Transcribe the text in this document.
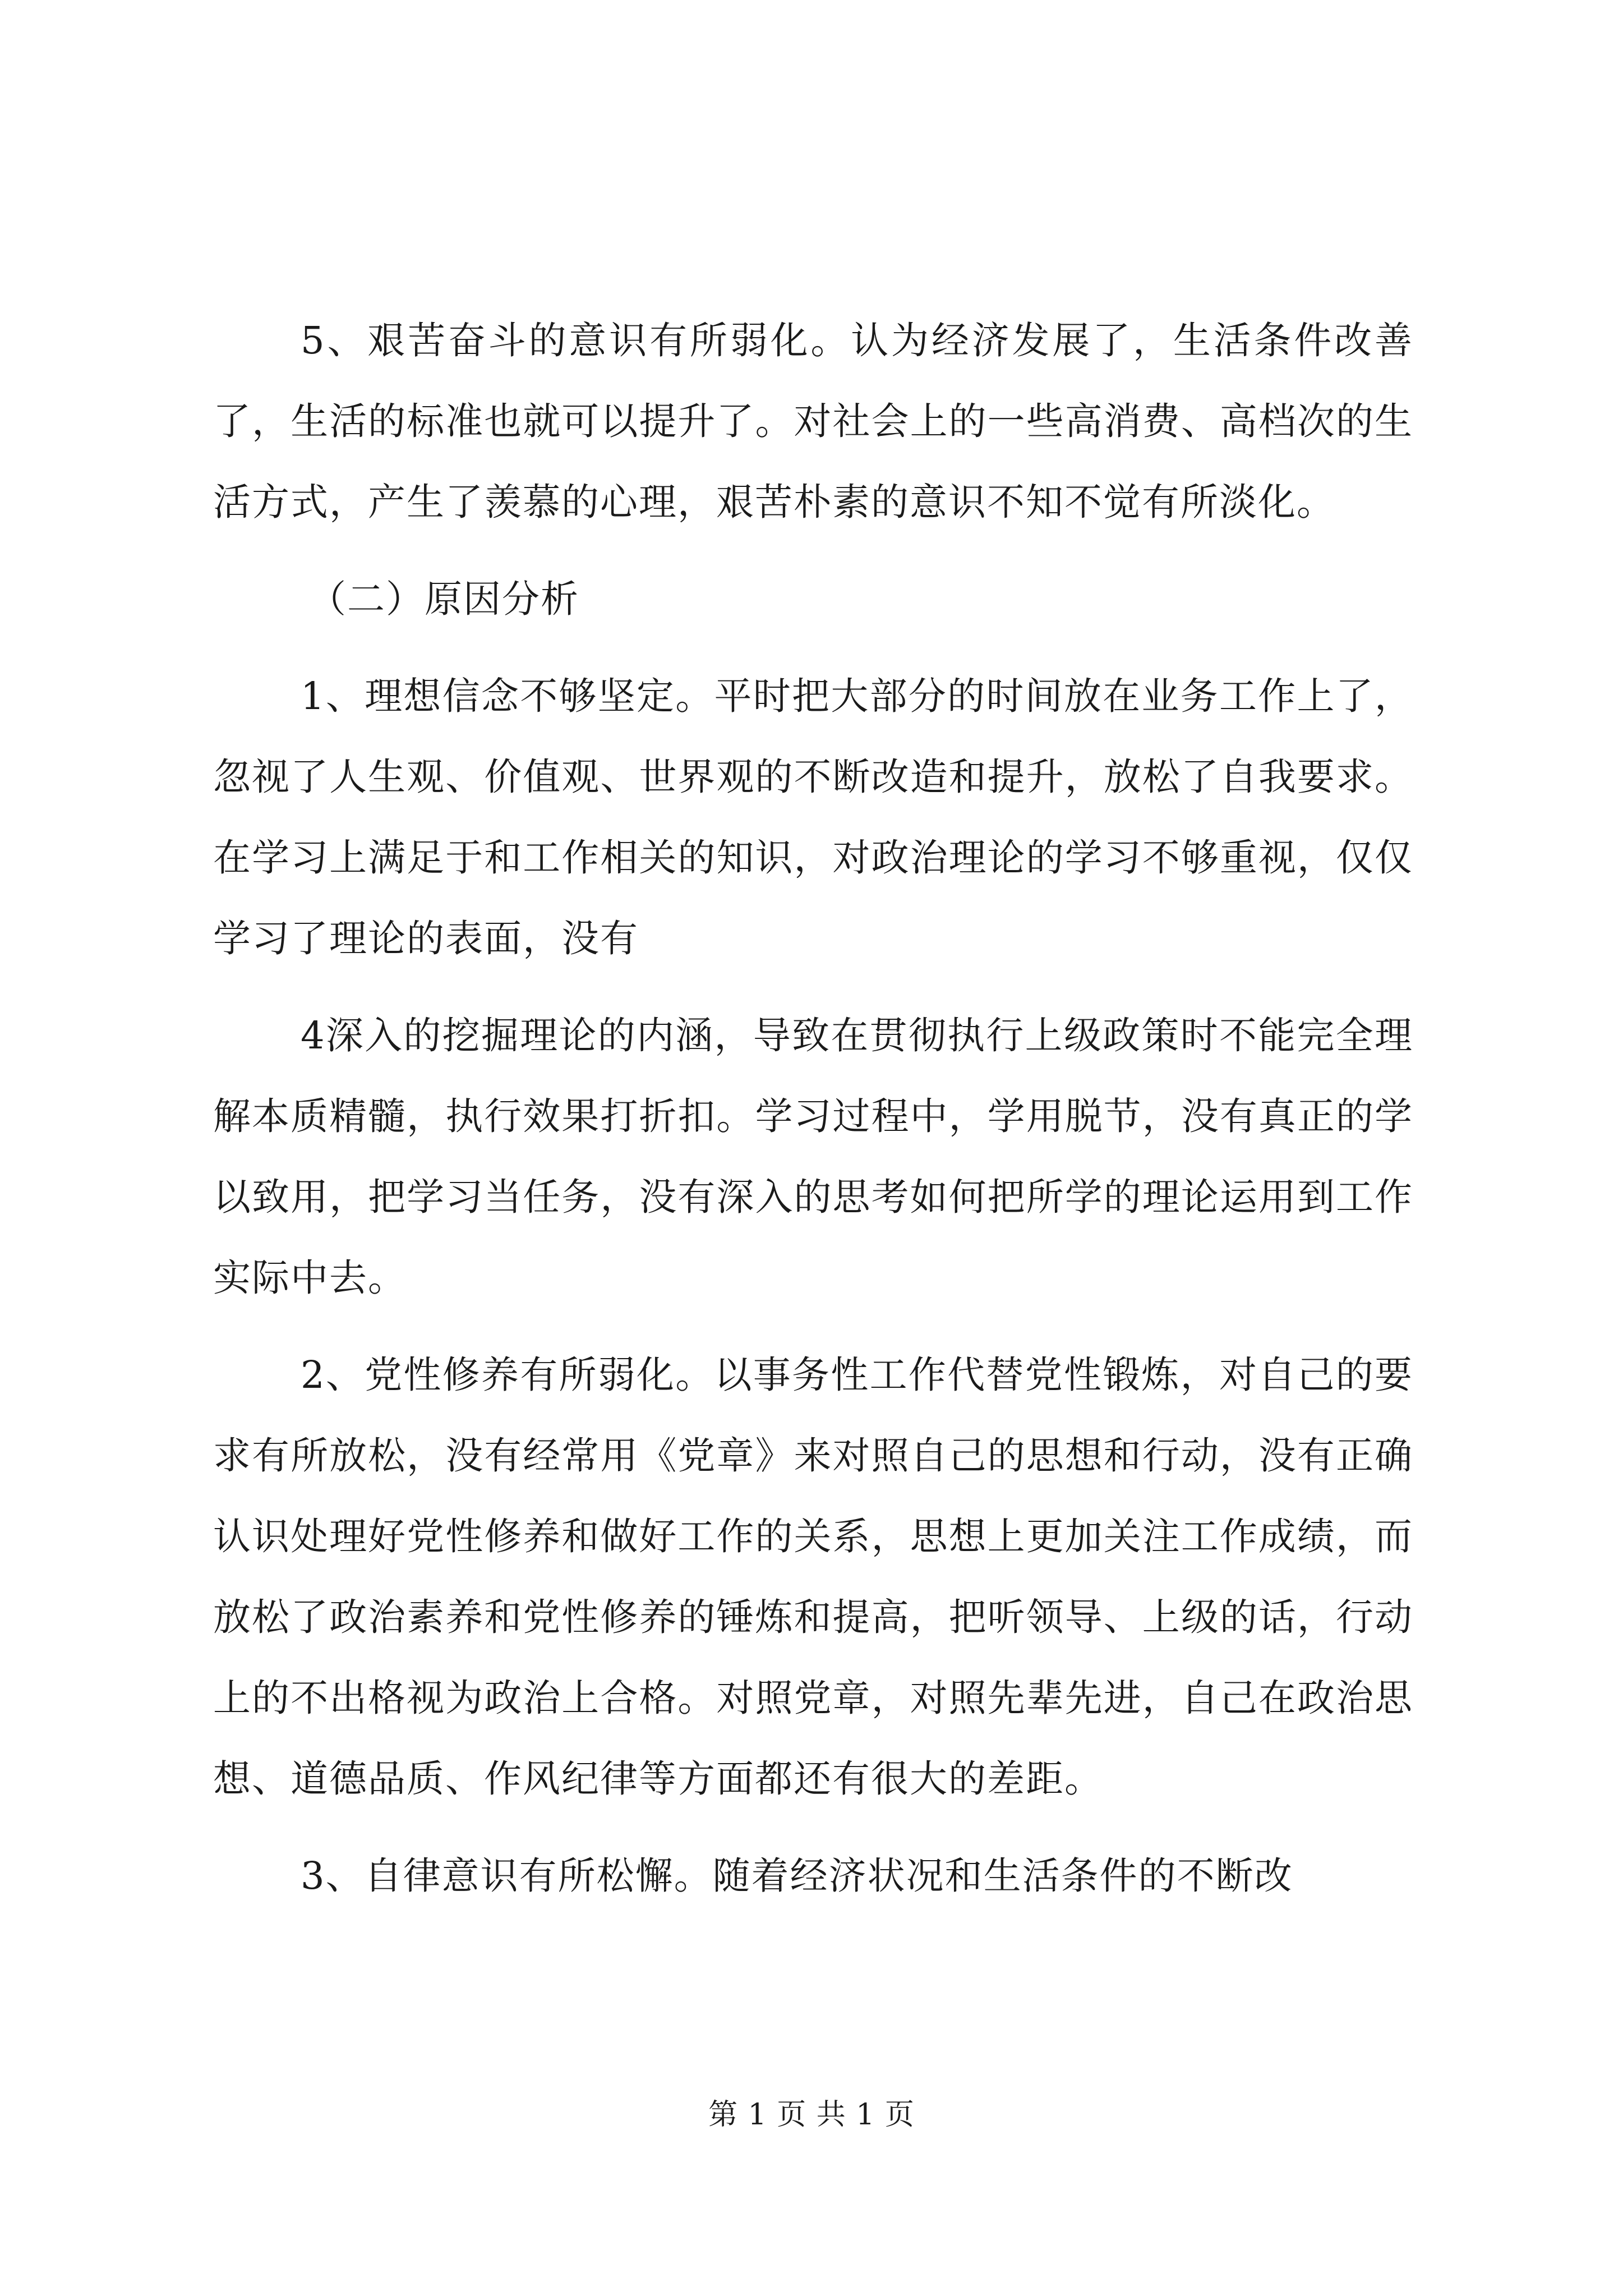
5、艰苦奋斗的意识有所弱化。认为经济发展了，生活条件改善了，生活的标准也就可以提升了。对社会上的一些高消费、高档次的生活方式，产生了羡慕的心理，艰苦朴素的意识不知不觉有所淡化。

（二）原因分析

1、理想信念不够坚定。平时把大部分的时间放在业务工作上了，忽视了人生观、价值观、世界观的不断改造和提升，放松了自我要求。在学习上满足于和工作相关的知识，对政治理论的学习不够重视，仅仅学习了理论的表面，没有

4深入的挖掘理论的内涵，导致在贯彻执行上级政策时不能完全理解本质精髓，执行效果打折扣。学习过程中，学用脱节，没有真正的学以致用，把学习当任务，没有深入的思考如何把所学的理论运用到工作实际中去。

2、党性修养有所弱化。以事务性工作代替党性锻炼，对自己的要求有所放松，没有经常用《党章》来对照自己的思想和行动，没有正确认识处理好党性修养和做好工作的关系，思想上更加关注工作成绩，而放松了政治素养和党性修养的锤炼和提高，把听领导、上级的话，行动上的不出格视为政治上合格。对照党章，对照先辈先进，自己在政治思想、道德品质、作风纪律等方面都还有很大的差距。

3、自律意识有所松懈。随着经济状况和生活条件的不断改

第 1 页 共 1 页
